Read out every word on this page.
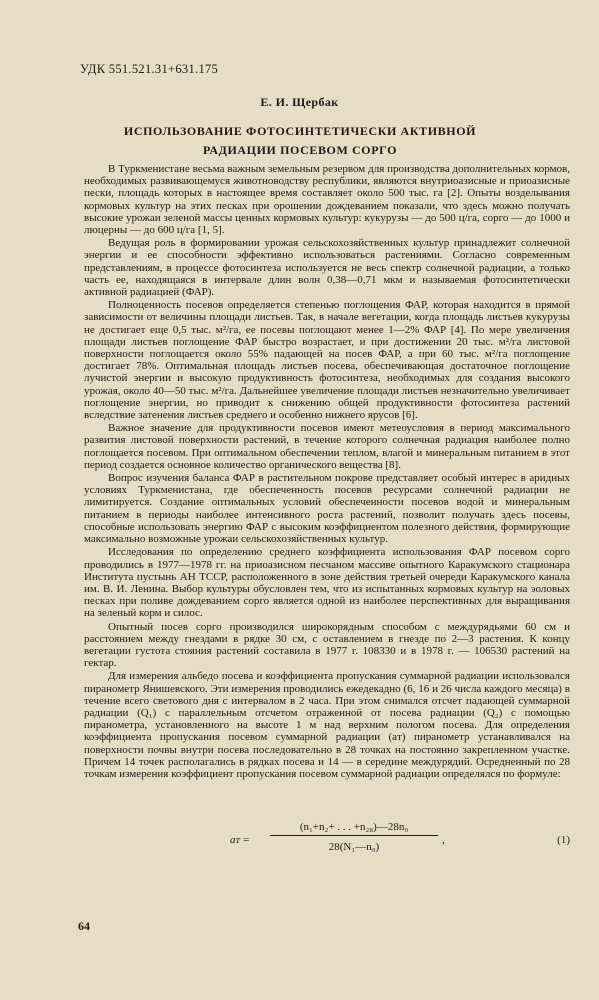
УДК 551.521.31+631.175
Е. И. Щербак
ИСПОЛЬЗОВАНИЕ ФОТОСИНТЕТИЧЕСКИ АКТИВНОЙ РАДИАЦИИ ПОСЕВОМ СОРГО

В Туркменистане весьма важным земельным резервом для производства дополнительных кормов, необходимых развивающемуся животноводству республики, являются внутриоазисные и приоазисные пески, площадь которых в настоящее время составляет около 500 тыс. га [2]. Опыты возделывания кормовых культур на этих песках при орошении дождеванием показали, что здесь можно получать высокие урожаи зеленой массы ценных кормовых культур: кукурузы — до 500 ц/га, сорго — до 1000 и люцерны — до 600 ц/га [1, 5].

Ведущая роль в формировании урожая сельскохозяйственных культур принадлежит солнечной энергии и ее способности эффективно использоваться растениями. Согласно современным представлениям, в процессе фотосинтеза используется не весь спектр солнечной радиации, а только часть ее, находящаяся в интервале длин волн 0,38—0,71 мкм и называемая фотосинтетически активной радиацией (ФАР).

Полноценность посевов определяется степенью поглощения ФАР, которая находится в прямой зависимости от величины площади листьев. Так, в начале вегетации, когда площадь листьев кукурузы не достигает еще 0,5 тыс. м²/га, ее посевы поглощают менее 1—2% ФАР [4]. По мере увеличения площади листьев поглощение ФАР быстро возрастает, и при достижении 20 тыс. м²/га листовой поверхности поглощается около 55% падающей на посев ФАР, а при 60 тыс. м²/га поглощение достигает 78%. Оптимальная площадь листьев посева, обеспечивающая достаточное поглощение лучистой энергии и высокую продуктивность фотосинтеза, необходимых для создания высокого урожая, около 40—50 тыс. м²/га. Дальнейшее увеличение площади листьев незначительно увеличивает поглощение энергии, но приводит к снижению общей продуктивности фотосинтеза растений вследствие затенения листьев среднего и особенно нижнего ярусов [6].

Важное значение для продуктивности посевов имеют метеоусловия в период максимального развития листовой поверхности растений, в течение которого солнечная радиация наиболее полно поглощается посевом. При оптимальном обеспечении теплом, влагой и минеральным питанием в этот период создается основное количество органического вещества [8].

Вопрос изучения баланса ФАР в растительном покрове представляет особый интерес в аридных условиях Туркменистана, где обеспеченность посевов ресурсами солнечной радиации не лимитируется. Создание оптимальных условий обеспеченности посевов водой и минеральным питанием в периоды наиболее интенсивного роста растений, позволит получать здесь посевы, способные использовать энергию ФАР с высоким коэффициентом полезного действия, формирующие максимально возможные урожаи сельскохозяйственных культур.

Исследования по определению среднего коэффициента использования ФАР посевом сорго проводились в 1977—1978 гг. на приоазисном песчаном массиве опытного Каракумского стационара Института пустынь АН ТССР, расположенного в зоне действия третьей очереди Каракумского канала им. В. И. Ленина. Выбор культуры обусловлен тем, что из испытанных кормовых культур на эоловых песках при поливе дождеванием сорго является одной из наиболее перспективных для выращивания на зеленый корм и силос.

Опытный посев сорго производился широкорядным способом с междурядьями 60 см и расстоянием между гнездами в рядке 30 см, с оставлением в гнезде по 2—3 растения. К концу вегетации густота стояния растений составила в 1977 г. 108330 и в 1978 г. — 106530 растений на гектар.

Для измерения альбедо посева и коэффициента пропускания суммарной радиации использовался пиранометр Янишевского. Эти измерения проводились ежедекадно (6, 16 и 26 числа каждого месяца) в течение всего светового дня с интервалом в 2 часа. При этом снимался отсчет падающей суммарной радиации (Q₁) с параллельным отсчетом отраженной от посева радиации (Q₂) с помощью пиранометра, установленного на высоте 1 м над верхним пологом посева. Для определения коэффициента пропускания посевом суммарной радиации (aᴛ) пиранометр устанавливался на поверхности почвы внутри посева последовательно в 28 точках на постоянно закрепленном участке. Причем 14 точек располагались в рядках посева и 14 — в середине междурядий. Осредненный по 28 точкам измерения коэффициент пропускания посевом суммарной радиации определялся по формуле:

aᴛ = $\frac{\text{(n₁+n₂+ . . . +n₂₈)—28n₀}}{\text{28(N₁—n₀)}}$ ,	(1)
64
